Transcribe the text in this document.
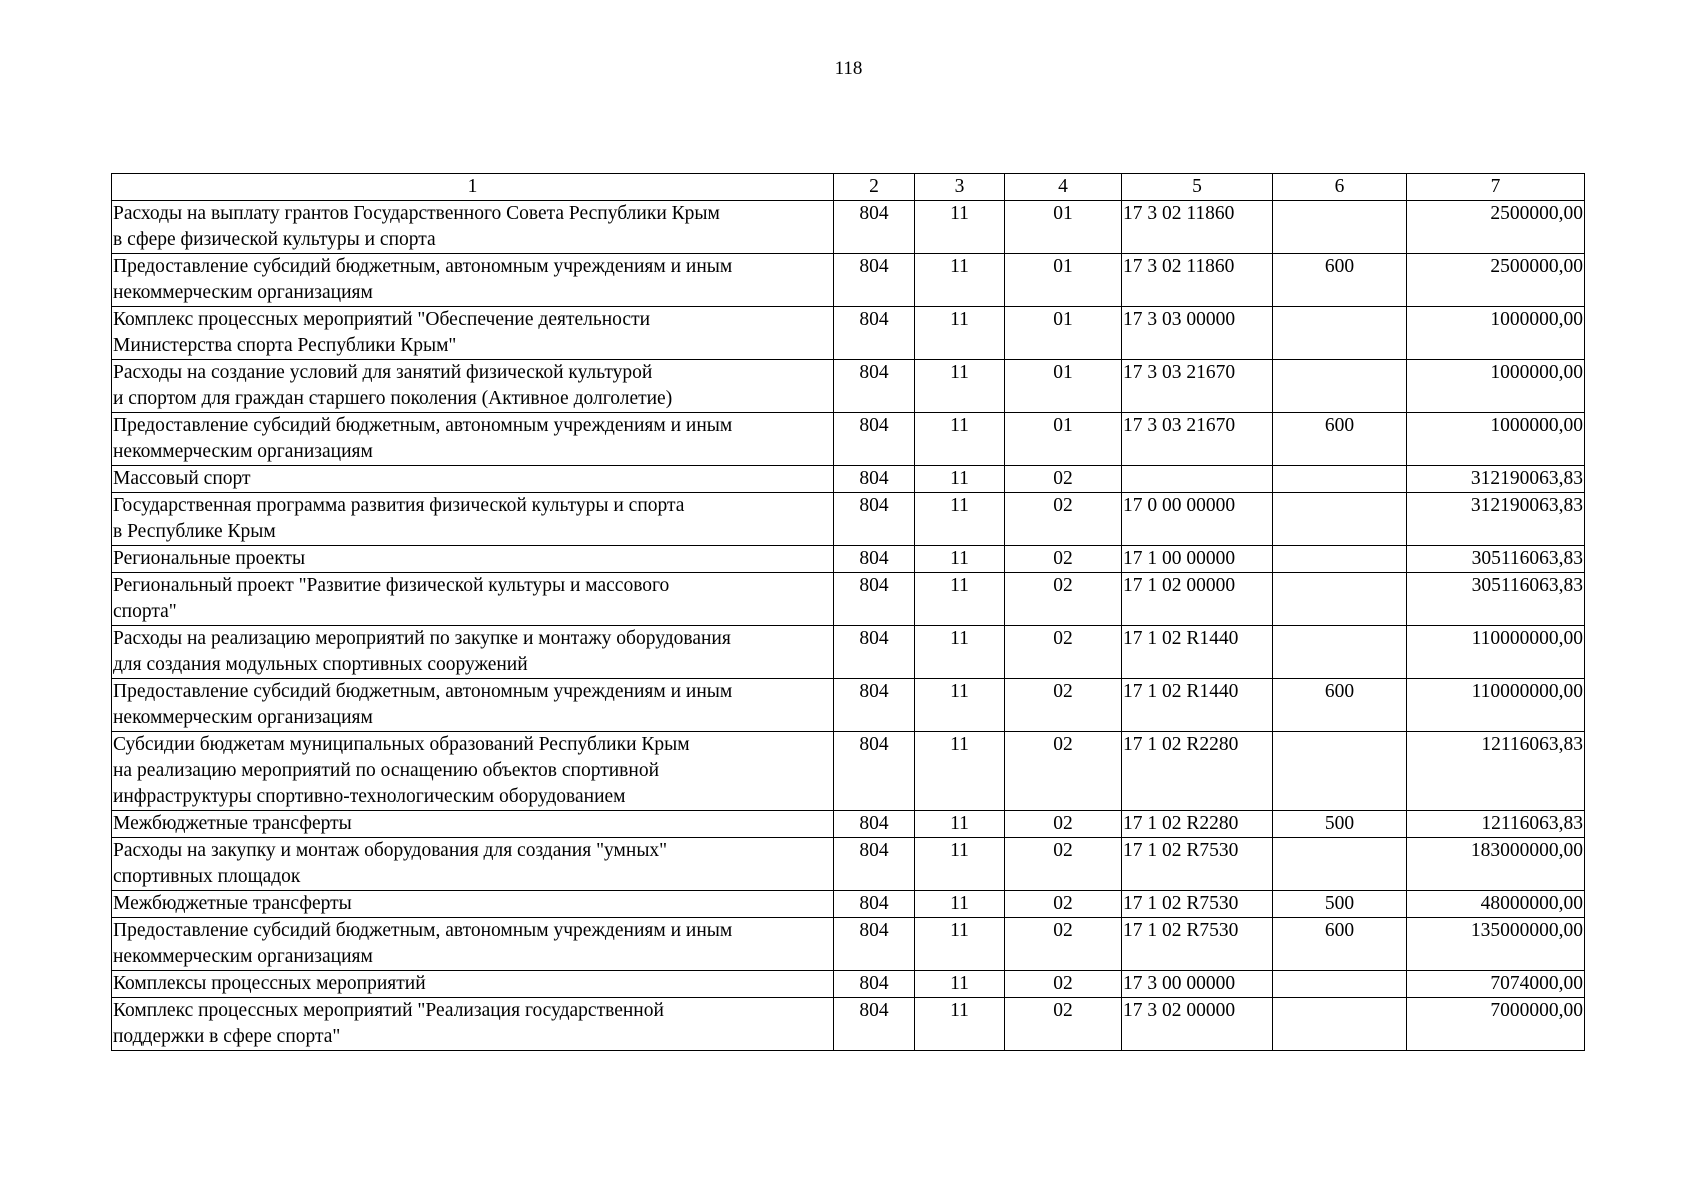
118
1	2	3	4	5	6	7
Расходы на выплату грантов Государственного Совета Республики Крым
в сфере физической культуры и спорта	804	11	01	17 3 02 11860		2500000,00
Предоставление субсидий бюджетным, автономным учреждениям и иным
некоммерческим организациям	804	11	01	17 3 02 11860	600	2500000,00
Комплекс процессных мероприятий "Обеспечение деятельности
Министерства спорта Республики Крым"	804	11	01	17 3 03 00000		1000000,00
Расходы на создание условий для занятий физической культурой
и спортом для граждан старшего поколения (Активное долголетие)	804	11	01	17 3 03 21670		1000000,00
Предоставление субсидий бюджетным, автономным учреждениям и иным
некоммерческим организациям	804	11	01	17 3 03 21670	600	1000000,00
Массовый спорт	804	11	02			312190063,83
Государственная программа развития физической культуры и спорта
в Республике Крым	804	11	02	17 0 00 00000		312190063,83
Региональные проекты	804	11	02	17 1 00 00000		305116063,83
Региональный проект "Развитие физической культуры и массового
спорта"	804	11	02	17 1 02 00000		305116063,83
Расходы на реализацию мероприятий по закупке и монтажу оборудования
для создания модульных спортивных сооружений	804	11	02	17 1 02 R1440		110000000,00
Предоставление субсидий бюджетным, автономным учреждениям и иным
некоммерческим организациям	804	11	02	17 1 02 R1440	600	110000000,00
Субсидии бюджетам муниципальных образований Республики Крым
на реализацию мероприятий по оснащению объектов спортивной
инфраструктуры спортивно-технологическим оборудованием	804	11	02	17 1 02 R2280		12116063,83
Межбюджетные трансферты	804	11	02	17 1 02 R2280	500	12116063,83
Расходы на закупку и монтаж оборудования для создания "умных"
спортивных площадок	804	11	02	17 1 02 R7530		183000000,00
Межбюджетные трансферты	804	11	02	17 1 02 R7530	500	48000000,00
Предоставление субсидий бюджетным, автономным учреждениям и иным
некоммерческим организациям	804	11	02	17 1 02 R7530	600	135000000,00
Комплексы процессных мероприятий	804	11	02	17 3 00 00000		7074000,00
Комплекс процессных мероприятий "Реализация государственной
поддержки в сфере спорта"	804	11	02	17 3 02 00000		7000000,00
